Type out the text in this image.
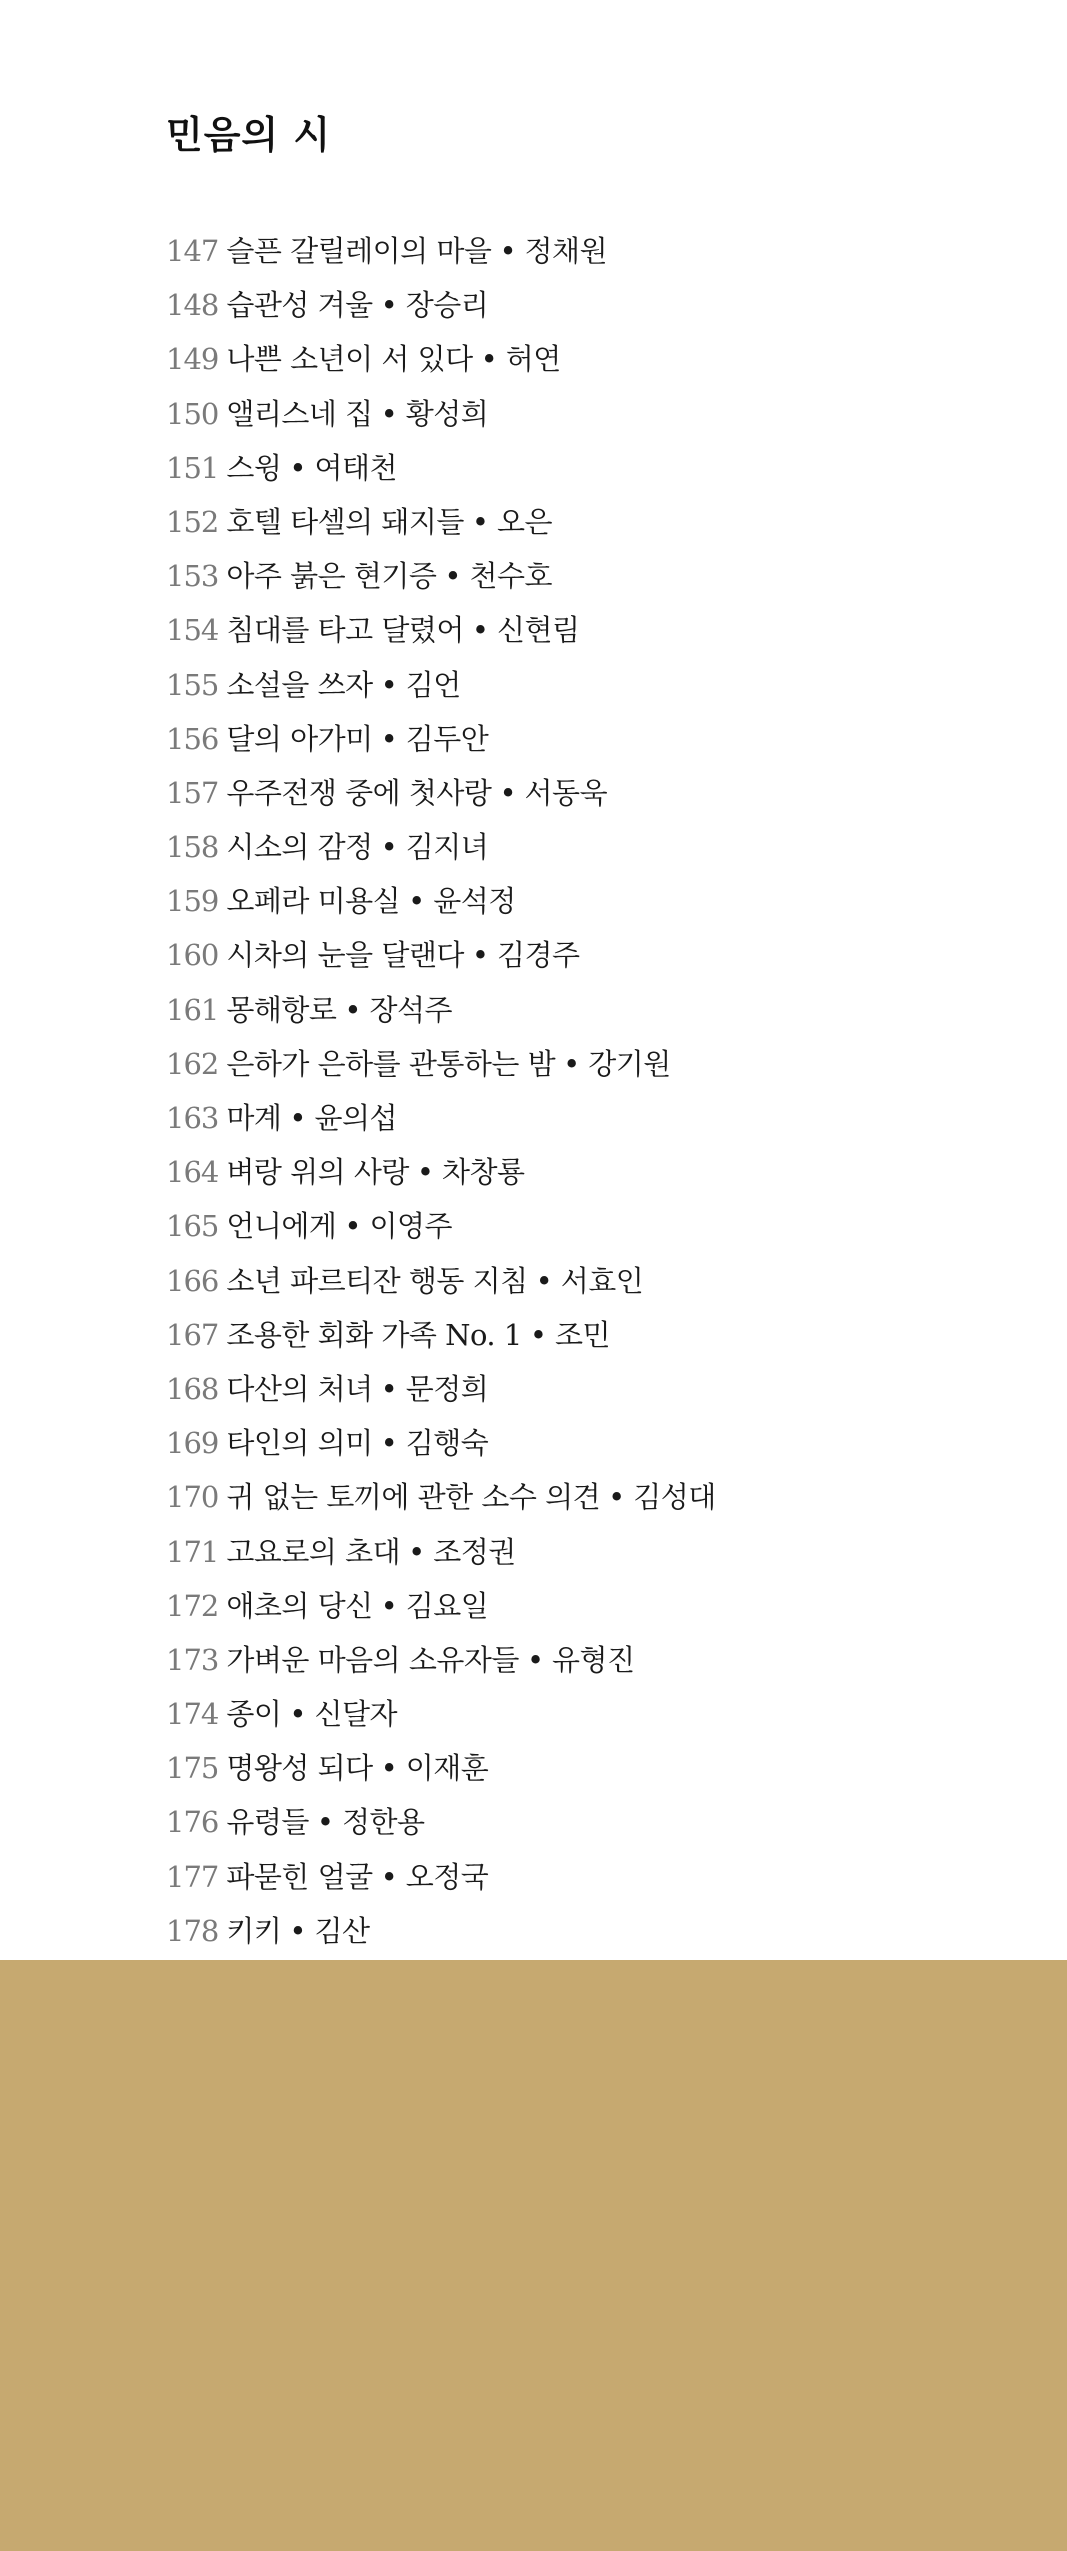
민음의 시
147 슬픈 갈릴레이의 마을 • 정채원
148 습관성 겨울 • 장승리
149 나쁜 소년이 서 있다 • 허연
150 앨리스네 집 • 황성희
151 스윙 • 여태천
152 호텔 타셀의 돼지들 • 오은
153 아주 붉은 현기증 • 천수호
154 침대를 타고 달렸어 • 신현림
155 소설을 쓰자 • 김언
156 달의 아가미 • 김두안
157 우주전쟁 중에 첫사랑 • 서동욱
158 시소의 감정 • 김지녀
159 오페라 미용실 • 윤석정
160 시차의 눈을 달랜다 • 김경주
161 몽해항로 • 장석주
162 은하가 은하를 관통하는 밤 • 강기원
163 마계 • 윤의섭
164 벼랑 위의 사랑 • 차창룡
165 언니에게 • 이영주
166 소년 파르티잔 행동 지침 • 서효인
167 조용한 회화 가족 No. 1 • 조민
168 다산의 처녀 • 문정희
169 타인의 의미 • 김행숙
170 귀 없는 토끼에 관한 소수 의견 • 김성대
171 고요로의 초대 • 조정권
172 애초의 당신 • 김요일
173 가벼운 마음의 소유자들 • 유형진
174 종이 • 신달자
175 명왕성 되다 • 이재훈
176 유령들 • 정한용
177 파묻힌 얼굴 • 오정국
178 키키 • 김산
